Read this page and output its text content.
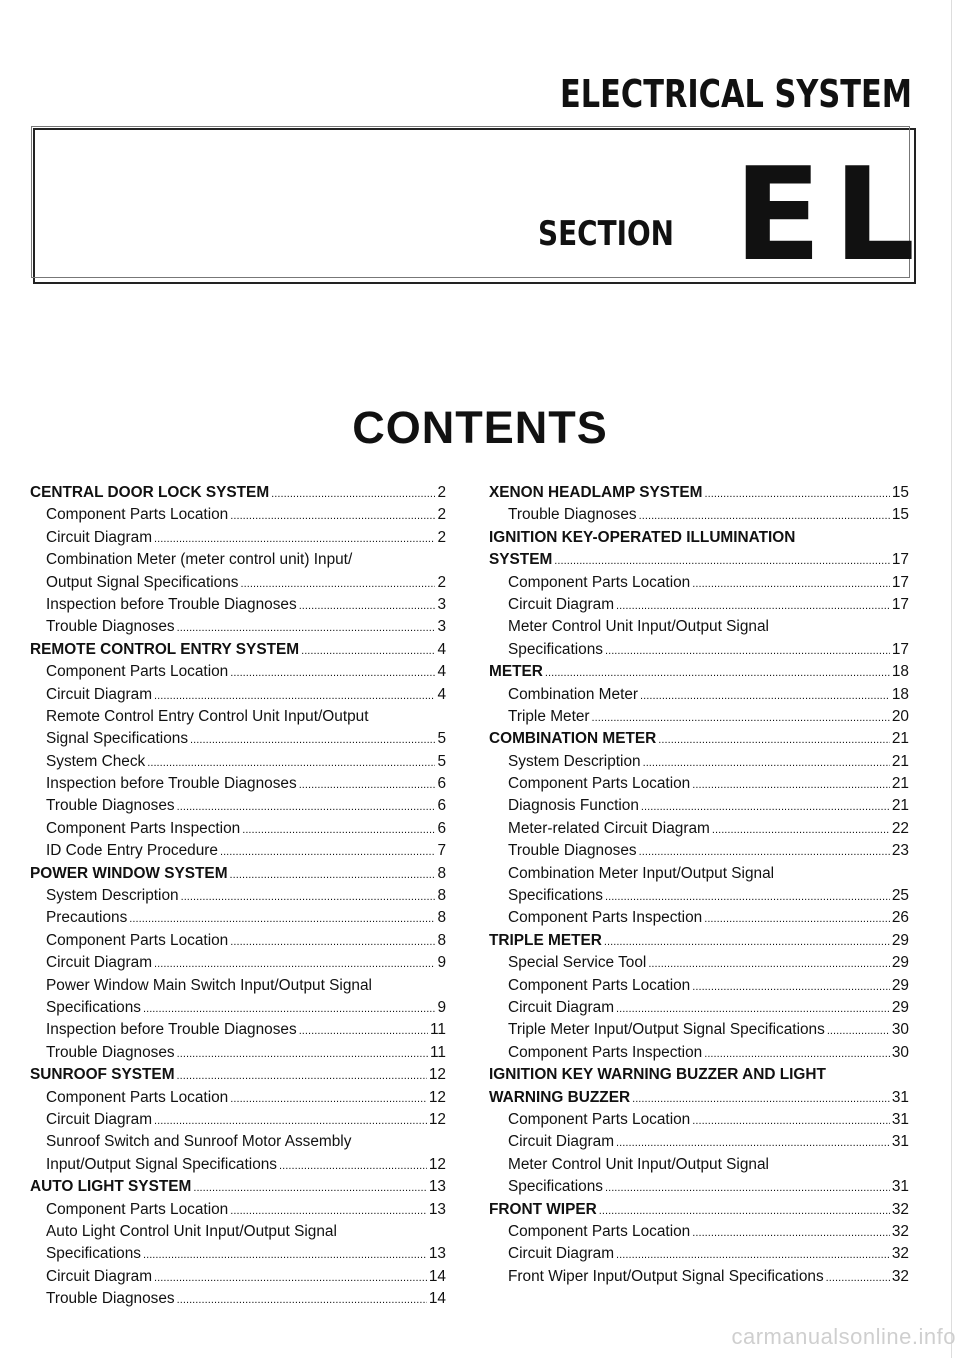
ELECTRICAL SYSTEM
SECTION EL
CONTENTS
CENTRAL DOOR LOCK SYSTEM . . .	2
Component Parts Location . . .	2
Circuit Diagram . . .	2
Combination Meter (meter control unit) Input/
Output Signal Specifications . . .	2
Inspection before Trouble Diagnoses . . .	3
Trouble Diagnoses . . .	3
REMOTE CONTROL ENTRY SYSTEM . . .	4
Component Parts Location . . .	4
Circuit Diagram . . .	4
Remote Control Entry Control Unit Input/Output
Signal Specifications . . .	5
System Check . . .	5
Inspection before Trouble Diagnoses . . .	6
Trouble Diagnoses . . .	6
Component Parts Inspection . . .	6
ID Code Entry Procedure . . .	7
POWER WINDOW SYSTEM . . .	8
System Description . . .	8
Precautions . . .	8
Component Parts Location . . .	8
Circuit Diagram . . .	9
Power Window Main Switch Input/Output Signal
Specifications . . .	9
Inspection before Trouble Diagnoses . . .	11
Trouble Diagnoses . . .	11
SUNROOF SYSTEM . . .	12
Component Parts Location . . .	12
Circuit Diagram . . .	12
Sunroof Switch and Sunroof Motor Assembly
Input/Output Signal Specifications . . .	12
AUTO LIGHT SYSTEM . . .	13
Component Parts Location . . .	13
Auto Light Control Unit Input/Output Signal
Specifications . . .	13
Circuit Diagram . . .	14
Trouble Diagnoses . . .	14
XENON HEADLAMP SYSTEM . . .	15
Trouble Diagnoses . . .	15
IGNITION KEY-OPERATED ILLUMINATION
SYSTEM . . .	17
Component Parts Location . . .	17
Circuit Diagram . . .	17
Meter Control Unit Input/Output Signal
Specifications . . .	17
METER . . .	18
Combination Meter . . .	18
Triple Meter . . .	20
COMBINATION METER . . .	21
System Description . . .	21
Component Parts Location . . .	21
Diagnosis Function . . .	21
Meter-related Circuit Diagram . . .	22
Trouble Diagnoses . . .	23
Combination Meter Input/Output Signal
Specifications . . .	25
Component Parts Inspection . . .	26
TRIPLE METER . . .	29
Special Service Tool . . .	29
Component Parts Location . . .	29
Circuit Diagram . . .	29
Triple Meter Input/Output Signal Specifications . . .	30
Component Parts Inspection . . .	30
IGNITION KEY WARNING BUZZER AND LIGHT
WARNING BUZZER . . .	31
Component Parts Location . . .	31
Circuit Diagram . . .	31
Meter Control Unit Input/Output Signal
Specifications . . .	31
FRONT WIPER . . .	32
Component Parts Location . . .	32
Circuit Diagram . . .	32
Front Wiper Input/Output Signal Specifications . . .	32
carmanualsonline.info
